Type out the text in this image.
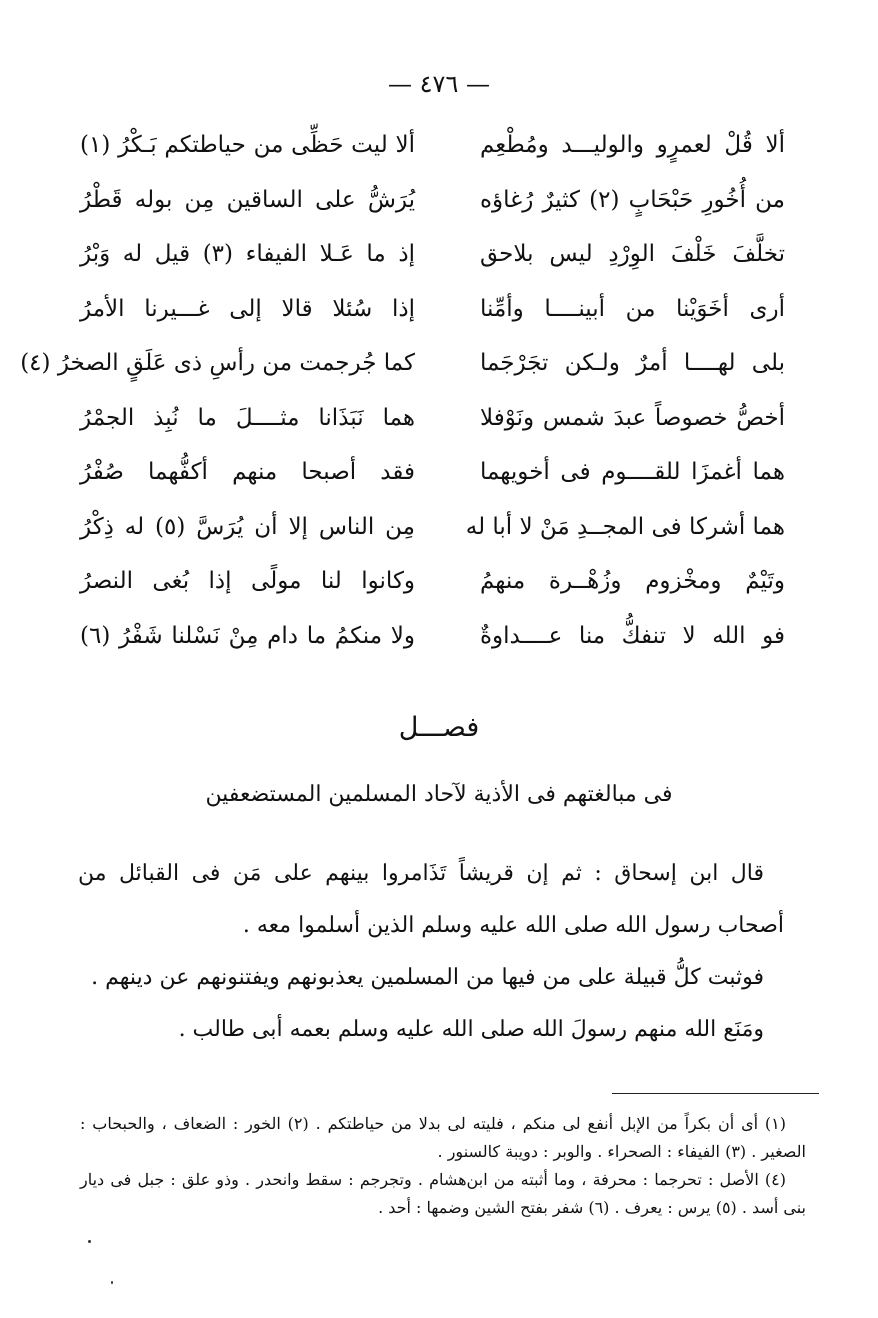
— ٤٧٦ —
ألا قُلْ لعمرٍو والوليـــد ومُطْعِم
ألا ليت حَظِّى من حياطتكم بَـكْرُ (١)
من أُخُورِ حَبْحَابٍ (٢) كثيرٌ رُغاؤه
يُرَشُّ على الساقين مِن بوله قَطْرُ
تخلَّفَ خَلْفَ الوِرْدِ ليس بلاحق
إذ ما عَـلا الفيفاء (٣) قيل له وَبْرُ
أرى أخَوَيْنا من أبينــــا وأمِّنا
إذا سُئلا قالا إلى غـــيرنا الأمرُ
بلى لهــــا أمرٌ ولـكن تجَرْجَما
كما جُرجمت من رأسِ ذى عَلَقٍ الصخرُ (٤)
أخصُّ خصوصاً عبدَ شمس ونَوْفلا
هما نَبَذَانا مثــــلَ ما نُبِذ الجمْرُ
هما أغمزَا للقــــوم فى أخويهما
فقد أصبحا منهم أكفُّهما صُفْرُ
هما أشركا فى المجــدِ مَنْ لا أبا له
مِن الناس إلا أن يُرَسَّ (٥) له ذِكْرُ
وتَيْمٌ ومخْزوم وزُهْــرة منهمُ
وكانوا لنا مولًى إذا بُغى النصرُ
فو الله لا تنفكُّ منا عــــداوةٌ
ولا منكمُ ما دام مِنْ نَسْلنا شَفْرُ (٦)
فصـــل
فى مبالغتهم فى الأذية لآحاد المسلمين المستضعفين

قال ابن إسحاق : ثم إن قريشاً تَذَامروا بينهم على مَن فى القبائل من أصحاب رسول الله صلى الله عليه وسلم الذين أسلموا معه .

فوثبت كلُّ قبيلة على من فيها من المسلمين يعذبونهم ويفتنونهم عن دينهم .

ومَنَع الله منهم رسولَ الله صلى الله عليه وسلم بعمه أبى طالب .

(١) أى أن بكراً من الإبل أنفع لى منكم ، فليته لى بدلا من حياطتكم . (٢) الخور : الضعاف ، والحبحاب : الصغير . (٣) الفيفاء : الصحراء . والوبر : دويبة كالسنور .

(٤) الأصل : تحرجما : محرفة ، وما أثبته من ابن‌هشام . وتجرجم : سقط وانحدر . وذو علق : جبل فى ديار بنى أسد . (٥) يرس : يعرف . (٦) شفر بفتح الشين وضمها : أحد .
